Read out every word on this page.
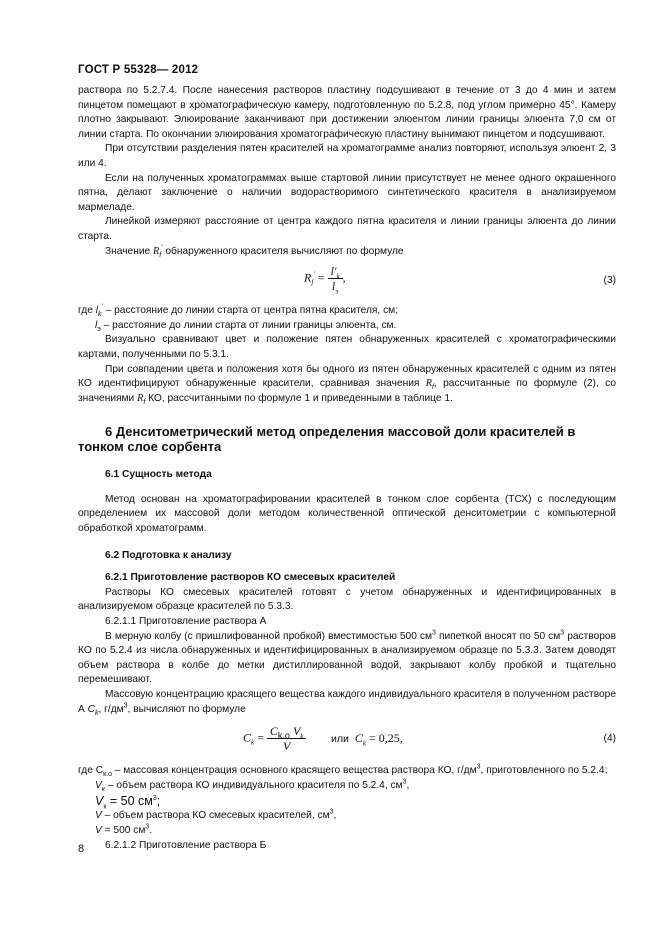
ГОСТ Р 55328— 2012

раствора по 5.2.7.4. После нанесения растворов пластину подсушивают в течение от 3 до 4 мин и затем пинцетом помещают в хроматографическую камеру, подготовленную по 5.2.8, под углом примерно 45°. Камеру плотно закрывают. Элюирование заканчивают при достижении элюентом линии границы элюента 7,0 см от линии старта. По окончании элюирования хроматографическую пластину вынимают пинцетом и подсушивают.

При отсутствии разделения пятен красителей на хроматограмме анализ повторяют, используя элюент 2, 3 или 4.

Если на полученных хроматограммах выше стартовой линии присутствует не менее одного окрашенного пятна, делают заключение о наличии водорастворимого синтетического красителя в анализируемом мармеладе.

Линейкой измеряют расстояние от центра каждого пятна красителя и линии границы элюента до линии старта.

Значение $R_f'$ обнаруженного красителя вычисляют по формуле

$R_f' = \frac{l'_k}{l_э}$ ,	(3)

где $l_k'$ – расстояние до линии старта от центра пятна красителя, см;

$l_э$ – расстояние до линии старта от линии границы элюента, см.

Визуально сравнивают цвет и положение пятен обнаруженных красителей с хроматографическими картами, полученными по 5.3.1.

При совпадении цвета и положения хотя бы одного из пятен обнаруженных красителей с одним из пятен КО идентифицируют обнаруженные красители, сравнивая значения $R_f$, рассчитанные по формуле (2), со значениями $R_f$ КО, рассчитанными по формуле 1 и приведенными в таблице 1.

6 Денситометрический метод определения массовой доли красителей в тонком слое сорбента

6.1 Сущность метода

Метод основан на хроматографировании красителей в тонком слое сорбента (ТСХ) с последующим определением их массовой доли методом количественной оптической денситометрии с компьютерной обработкой хроматограмм.

6.2 Подготовка к анализу

6.2.1 Приготовление растворов КО смесевых красителей

Растворы КО смесевых красителей готовят с учетом обнаруженных и идентифицированных в анализируемом образце красителей по 5.3.3.

6.2.1.1 Приготовление раствора А

В мерную колбу (с пришлифованной пробкой) вместимостью 500 $см^3$ пипеткой вносят по 50 $см^3$ растворов КО по 5.2.4 из числа обнаруженных и идентифицированных в анализируемом образце по 5.3.3. Затем доводят объем раствора в колбе до метки дистиллированной водой, закрывают колбу пробкой и тщательно перемешивают.

Массовую концентрацию красящего вещества каждого индивидуального красителя в полученном растворе А $C_k$, $г/дм^3$, вычисляют по формуле

$C_k = \frac{C_{k.o} V_k}{V}$ или $C_k = 0,25$,	(4)

где $С_{к.о}$ – массовая концентрация основного красящего вещества раствора КО, $г/дм^3$, приготовленного по 5.2.4;

$V_к$ – объем раствора КО индивидуального красителя по 5.2.4, $см^3$,

$V_к = 50$ $см^3$;

V – объем раствора КО смесевых красителей, $см^3$,

V = 500 $см^3$.

6.2.1.2 Приготовление раствора Б

8
